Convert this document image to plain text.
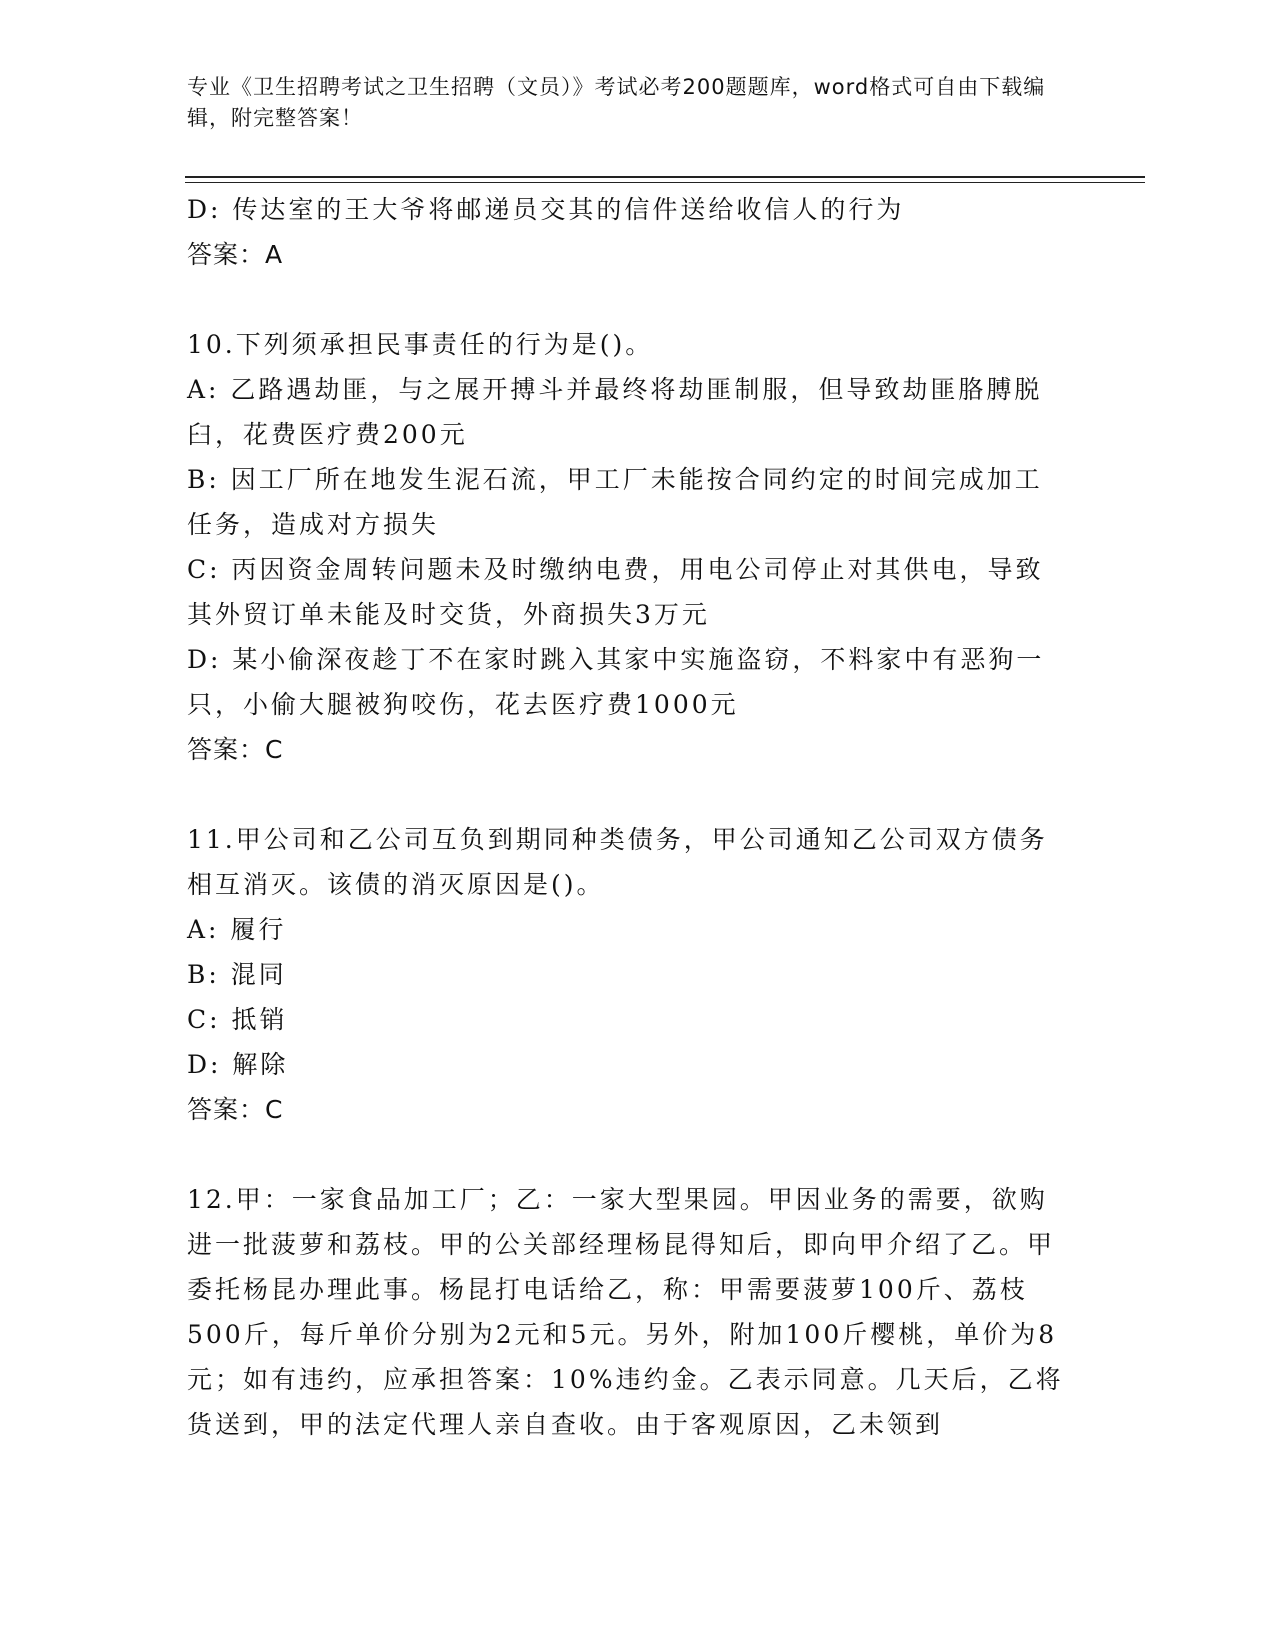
专业《卫生招聘考试之卫生招聘（文员）》考试必考200题题库，word格式可自由下载编辑，附完整答案！

D: 传达室的王大爷将邮递员交其的信件送给收信人的行为

答案：A

10.下列须承担民事责任的行为是()。

A: 乙路遇劫匪，与之展开搏斗并最终将劫匪制服，但导致劫匪胳膊脱臼，花费医疗费200元

B: 因工厂所在地发生泥石流，甲工厂未能按合同约定的时间完成加工任务，造成对方损失

C: 丙因资金周转问题未及时缴纳电费，用电公司停止对其供电，导致其外贸订单未能及时交货，外商损失3万元

D: 某小偷深夜趁丁不在家时跳入其家中实施盗窃，不料家中有恶狗一只，小偷大腿被狗咬伤，花去医疗费1000元

答案：C

11.甲公司和乙公司互负到期同种类债务，甲公司通知乙公司双方债务相互消灭。该债的消灭原因是()。

A: 履行

B: 混同

C: 抵销

D: 解除

答案：C

12.甲：一家食品加工厂；乙：一家大型果园。甲因业务的需要，欲购进一批菠萝和荔枝。甲的公关部经理杨昆得知后，即向甲介绍了乙。甲委托杨昆办理此事。杨昆打电话给乙，称：甲需要菠萝100斤、荔枝500斤，每斤单价分别为2元和5元。另外，附加100斤樱桃，单价为8元；如有违约，应承担答案：10%违约金。乙表示同意。几天后，乙将货送到，甲的法定代理人亲自查收。由于客观原因，乙未领到
